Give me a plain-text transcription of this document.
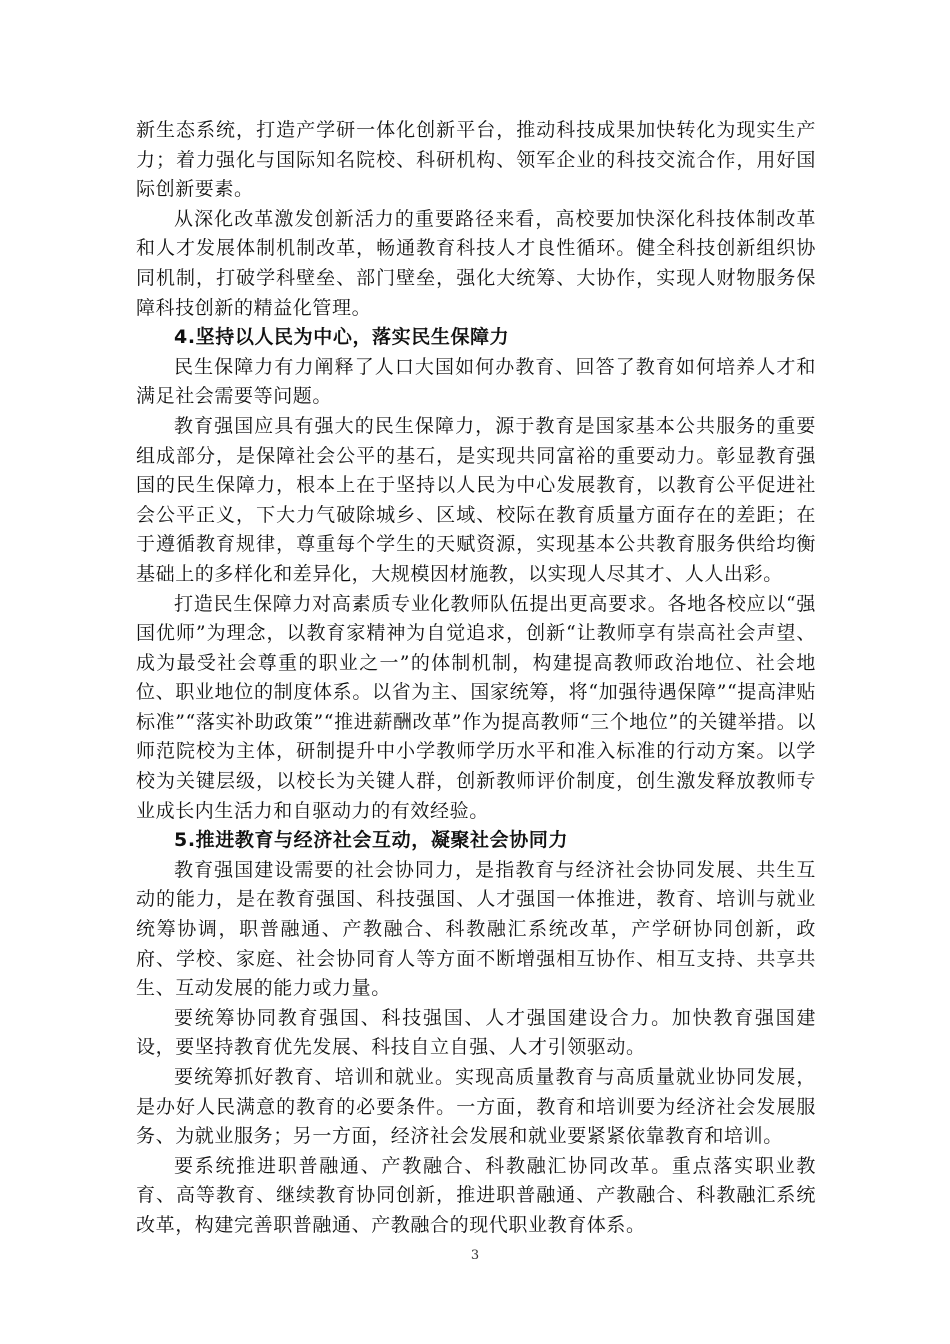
新生态系统，打造产学研一体化创新平台，推动科技成果加快转化为现实生产力；着力强化与国际知名院校、科研机构、领军企业的科技交流合作，用好国际创新要素。

从深化改革激发创新活力的重要路径来看，高校要加快深化科技体制改革和人才发展体制机制改革，畅通教育科技人才良性循环。健全科技创新组织协同机制，打破学科壁垒、部门壁垒，强化大统筹、大协作，实现人财物服务保障科技创新的精益化管理。

4.坚持以人民为中心，落实民生保障力

民生保障力有力阐释了人口大国如何办教育、回答了教育如何培养人才和满足社会需要等问题。

教育强国应具有强大的民生保障力，源于教育是国家基本公共服务的重要组成部分，是保障社会公平的基石，是实现共同富裕的重要动力。彰显教育强国的民生保障力，根本上在于坚持以人民为中心发展教育，以教育公平促进社会公平正义，下大力气破除城乡、区域、校际在教育质量方面存在的差距；在于遵循教育规律，尊重每个学生的天赋资源，实现基本公共教育服务供给均衡基础上的多样化和差异化，大规模因材施教，以实现人尽其才、人人出彩。

打造民生保障力对高素质专业化教师队伍提出更高要求。各地各校应以“强国优师”为理念，以教育家精神为自觉追求，创新“让教师享有崇高社会声望、成为最受社会尊重的职业之一”的体制机制，构建提高教师政治地位、社会地位、职业地位的制度体系。以省为主、国家统筹，将“加强待遇保障”“提高津贴标准”“落实补助政策”“推进薪酬改革”作为提高教师“三个地位”的关键举措。以师范院校为主体，研制提升中小学教师学历水平和准入标准的行动方案。以学校为关键层级，以校长为关键人群，创新教师评价制度，创生激发释放教师专业成长内生活力和自驱动力的有效经验。

5.推进教育与经济社会互动，凝聚社会协同力

教育强国建设需要的社会协同力，是指教育与经济社会协同发展、共生互动的能力，是在教育强国、科技强国、人才强国一体推进，教育、培训与就业统筹协调，职普融通、产教融合、科教融汇系统改革，产学研协同创新，政府、学校、家庭、社会协同育人等方面不断增强相互协作、相互支持、共享共生、互动发展的能力或力量。

要统筹协同教育强国、科技强国、人才强国建设合力。加快教育强国建设，要坚持教育优先发展、科技自立自强、人才引领驱动。

要统筹抓好教育、培训和就业。实现高质量教育与高质量就业协同发展，是办好人民满意的教育的必要条件。一方面，教育和培训要为经济社会发展服务、为就业服务；另一方面，经济社会发展和就业要紧紧依靠教育和培训。

要系统推进职普融通、产教融合、科教融汇协同改革。重点落实职业教育、高等教育、继续教育协同创新，推进职普融通、产教融合、科教融汇系统改革，构建完善职普融通、产教融合的现代职业教育体系。

3
